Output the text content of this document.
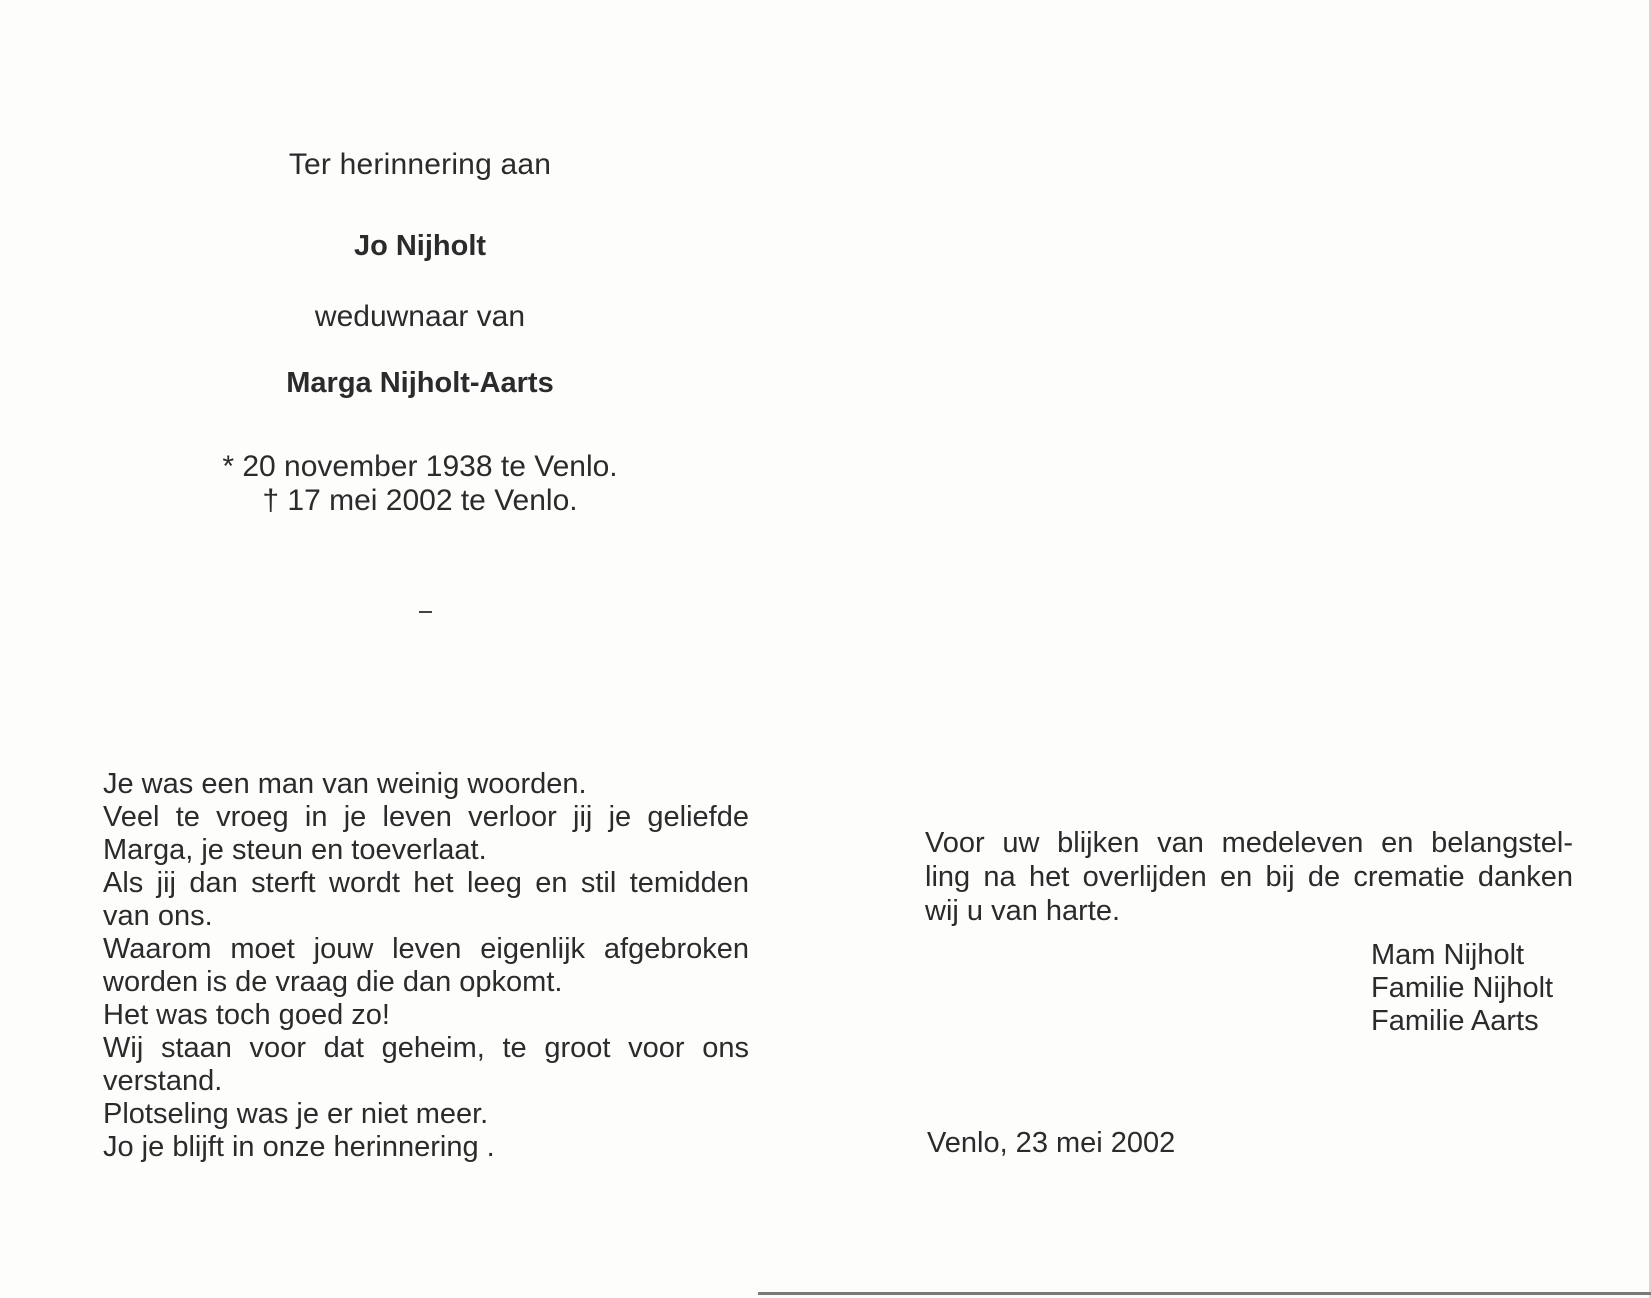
Ter herinnering aan
Jo Nijholt
weduwnaar van
Marga Nijholt-Aarts
* 20 november 1938 te Venlo.
† 17 mei 2002 te Venlo.
Je was een man van weinig woorden.
Veel te vroeg in je leven verloor jij je geliefde
Marga, je steun en toeverlaat.
Als jij dan sterft wordt het leeg en stil temidden
van ons.
Waarom moet jouw leven eigenlijk afgebroken
worden is de vraag die dan opkomt.
Het was toch goed zo!
Wij staan voor dat geheim, te groot voor ons
verstand.
Plotseling was je er niet meer.
Jo je blijft in onze herinnering .
Voor uw blijken van medeleven en belangstel-
ling na het overlijden en bij de crematie danken
wij u van harte.
Mam Nijholt
Familie Nijholt
Familie Aarts
Venlo, 23 mei 2002
